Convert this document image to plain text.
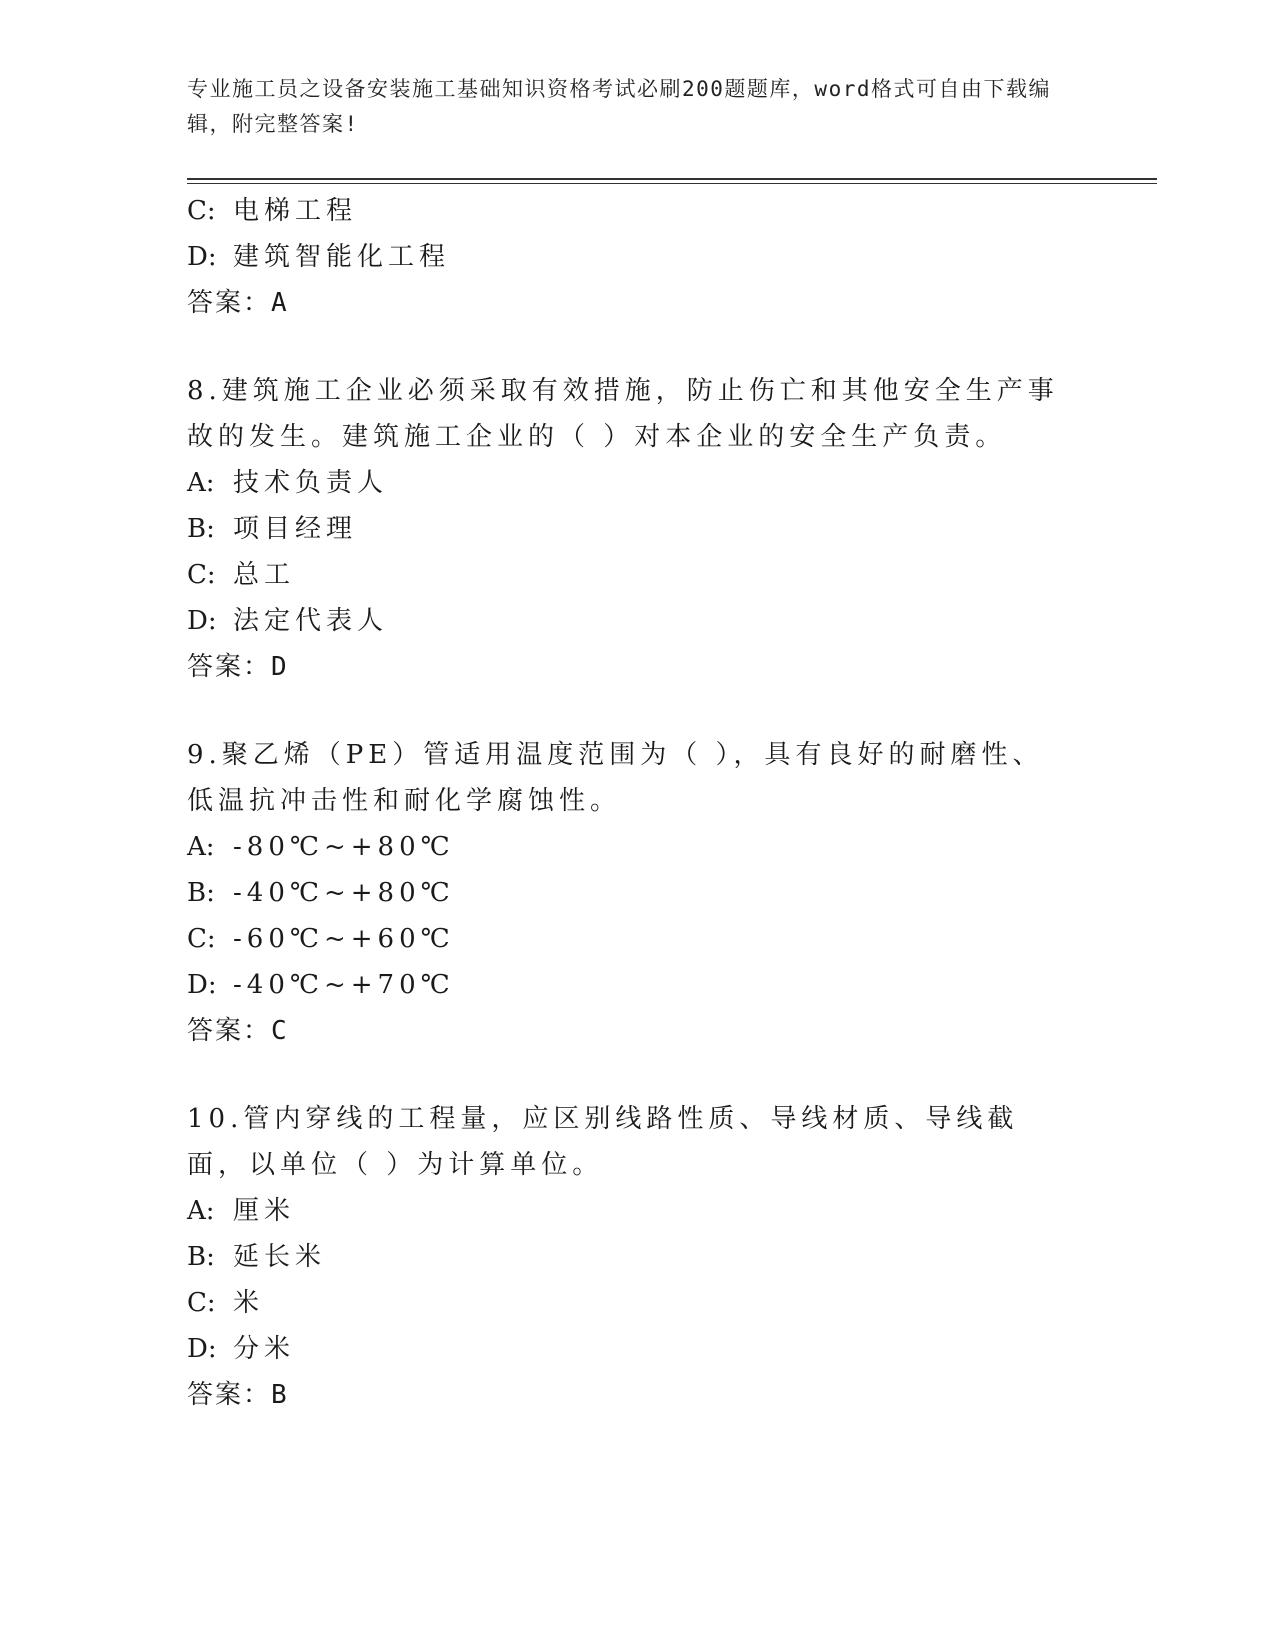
专业施工员之设备安装施工基础知识资格考试必刷200题题库，word格式可自由下载编辑，附完整答案!
C: 电梯工程
D: 建筑智能化工程
答案：A
8.建筑施工企业必须采取有效措施，防止伤亡和其他安全生产事故的发生。建筑施工企业的（ ）对本企业的安全生产负责。
A: 技术负责人
B: 项目经理
C: 总工
D: 法定代表人
答案：D
9.聚乙烯（PE）管适用温度范围为（ ），具有良好的耐磨性、低温抗冲击性和耐化学腐蚀性。
A: -80℃~+80℃
B: -40℃~+80℃
C: -60℃~+60℃
D: -40℃~+70℃
答案：C
10.管内穿线的工程量，应区别线路性质、导线材质、导线截面，以单位（ ）为计算单位。
A: 厘米
B: 延长米
C: 米
D: 分米
答案：B
